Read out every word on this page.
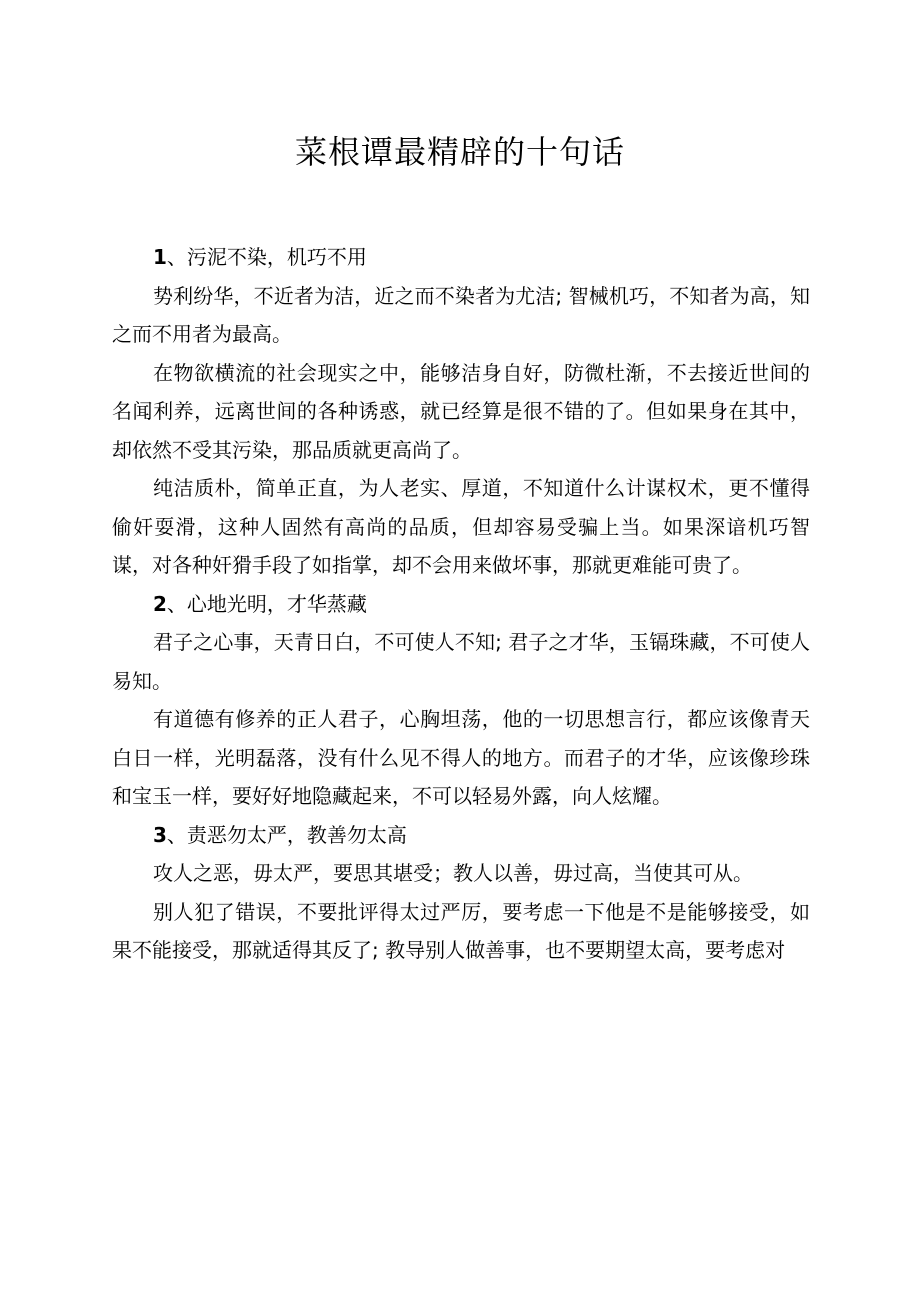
菜根谭最精辟的十句话
1、污泥不染，机巧不用

势利纷华，不近者为洁，近之而不染者为尤洁; 智械机巧，不知者为高，知之而不用者为最高。

在物欲横流的社会现实之中，能够洁身自好，防微杜渐，不去接近世间的名闻利养，远离世间的各种诱惑，就已经算是很不错的了。但如果身在其中，却依然不受其污染，那品质就更高尚了。

纯洁质朴，简单正直，为人老实、厚道，不知道什么计谋权术，更不懂得偷奸耍滑，这种人固然有高尚的品质，但却容易受骗上当。如果深谙机巧智谋，对各种奸猾手段了如指掌，却不会用来做坏事，那就更难能可贵了。

2、心地光明，才华蒸藏

君子之心事，天青日白，不可使人不知; 君子之才华，玉镉珠藏，不可使人易知。

有道德有修养的正人君子，心胸坦荡，他的一切思想言行，都应该像青天白日一样，光明磊落，没有什么见不得人的地方。而君子的才华，应该像珍珠和宝玉一样，要好好地隐藏起来，不可以轻易外露，向人炫耀。

3、责恶勿太严，教善勿太高

攻人之恶，毋太严，要思其堪受；教人以善，毋过高，当使其可从。

别人犯了错误，不要批评得太过严厉，要考虑一下他是不是能够接受，如果不能接受，那就适得其反了; 教导别人做善事，也不要期望太高，要考虑对
